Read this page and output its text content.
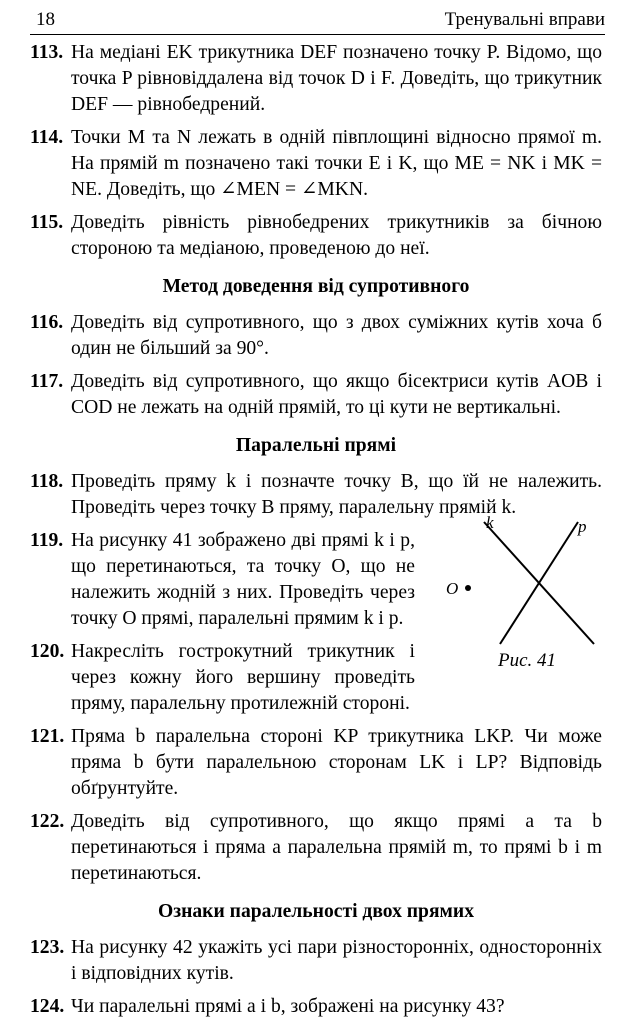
18	Тренувальні вправи
113. На медіані EK трикутника DEF позначено точку P. Відомо, що точка P рівновіддалена від точок D і F. Доведіть, що трикутник DEF — рівнобедрений.
114. Точки M та N лежать в одній півплощині відносно прямої m. На прямій m позначено такі точки E і K, що ME = NK і MK = NE. Доведіть, що ∠MEN = ∠MKN.
115. Доведіть рівність рівнобедрених трикутників за бічною стороною та медіаною, проведеною до неї.
Метод доведення від супротивного
116. Доведіть від супротивного, що з двох суміжних кутів хоча б один не більший за 90°.
117. Доведіть від супротивного, що якщо бісектриси кутів AOB і COD не лежать на одній прямій, то ці кути не вертикальні.
Паралельні прямі
118. Проведіть пряму k і позначте точку B, що їй не належить. Проведіть через точку B пряму, паралельну прямій k.
119. На рисунку 41 зображено дві прямі k і p, що перетинаються, та точку O, що не належить жодній з них. Проведіть через точку O прямі, паралельні прямим k і p.
120. Накресліть гострокутний трикутник і через кожну його вершину проведіть пряму, паралельну протилежній стороні.
k	p
O
Рис. 41
121. Пряма b паралельна стороні KP трикутника LKP. Чи може пряма b бути паралельною сторонам LK і LP? Відповідь обґрунтуйте.
122. Доведіть від супротивного, що якщо прямі a та b перетинаються і пряма a паралельна прямій m, то прямі b і m перетинаються.
Ознаки паралельності двох прямих
123. На рисунку 42 укажіть усі пари різносторонніх, односторонніх і відповідних кутів.
124. Чи паралельні прямі a і b, зображені на рисунку 43?
